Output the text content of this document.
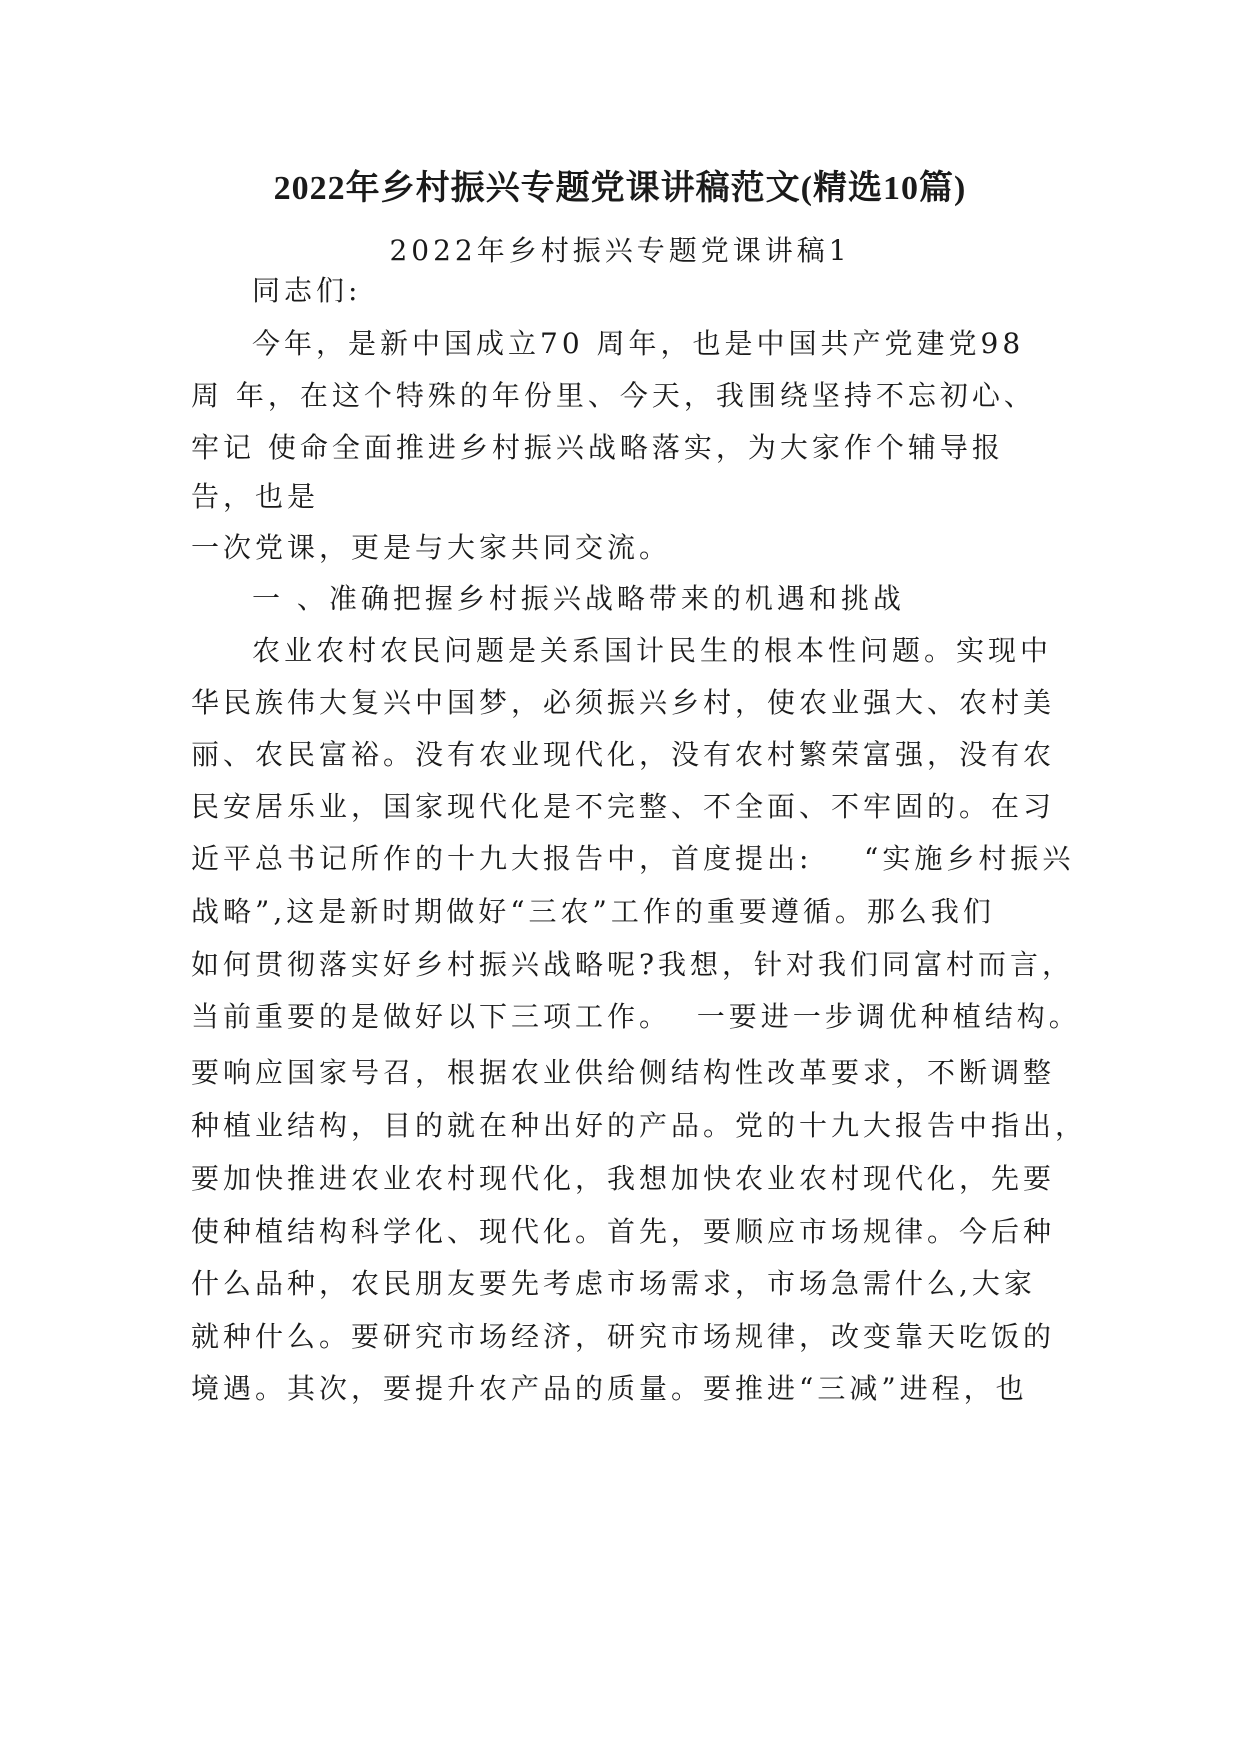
2022年乡村振兴专题党课讲稿范文(精选10篇)
2022年乡村振兴专题党课讲稿1
同志们:
今年，是新中国成立70 周年，也是中国共产党建党98
周 年，在这个特殊的年份里、今天，我围绕坚持不忘初心、
牢记 使命全面推进乡村振兴战略落实，为大家作个辅导报
告，也是
一次党课，更是与大家共同交流。
一 、准确把握乡村振兴战略带来的机遇和挑战
农业农村农民问题是关系国计民生的根本性问题。实现中
华民族伟大复兴中国梦，必须振兴乡村，使农业强大、农村美
丽、农民富裕。没有农业现代化，没有农村繁荣富强，没有农
民安居乐业，国家现代化是不完整、不全面、不牢固的。在习
近平总书记所作的十九大报告中，首度提出:    “实施乡村振兴
战略”,这是新时期做好“三农”工作的重要遵循。那么我们
如何贯彻落实好乡村振兴战略呢?我想，针对我们同富村而言，
当前重要的是做好以下三项工作。  一要进一步调优种植结构。
要响应国家号召，根据农业供给侧结构性改革要求，不断调整
种植业结构，目的就在种出好的产品。党的十九大报告中指出，
要加快推进农业农村现代化，我想加快农业农村现代化，先要
使种植结构科学化、现代化。首先，要顺应市场规律。今后种
什么品种，农民朋友要先考虑市场需求，市场急需什么,大家
就种什么。要研究市场经济，研究市场规律，改变靠天吃饭的
境遇。其次，要提升农产品的质量。要推进“三减”进程，也
